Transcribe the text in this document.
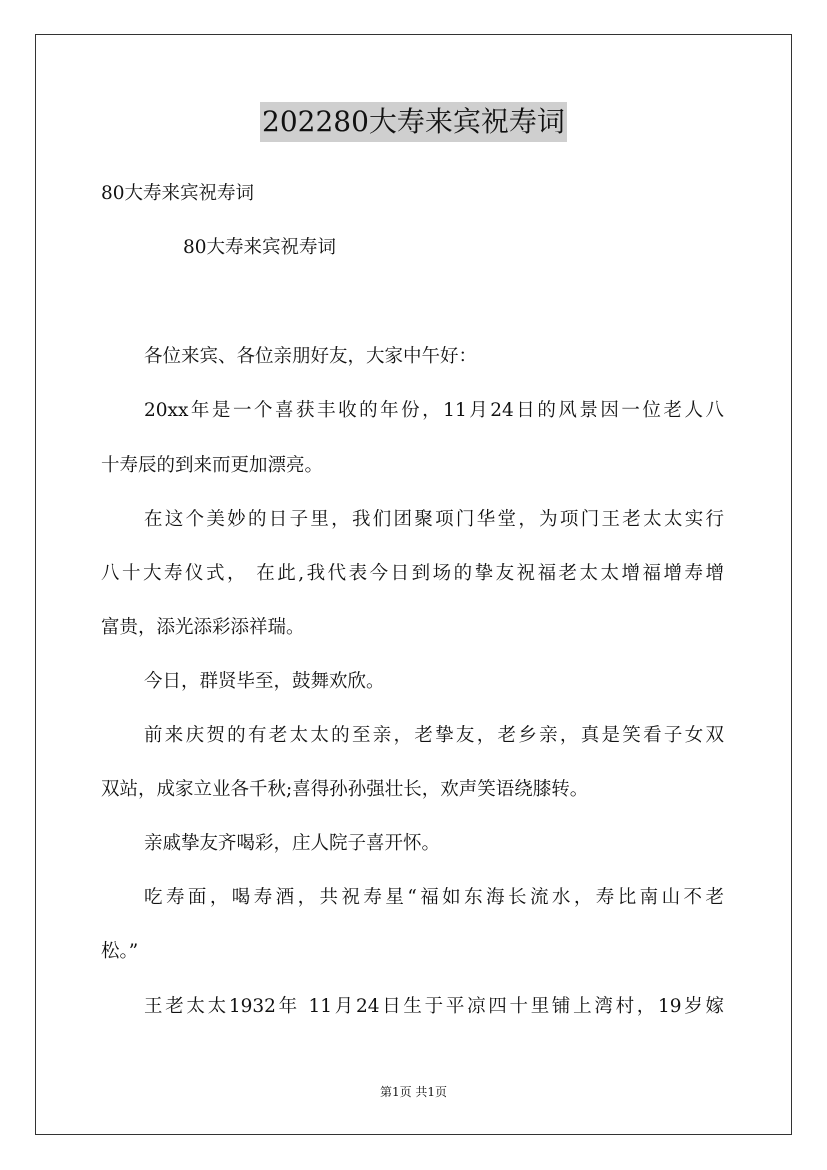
202280大寿来宾祝寿词
80大寿来宾祝寿词
80大寿来宾祝寿词
各位来宾、各位亲朋好友，大家中午好：
20xx年是一个喜获丰收的年份，11月24日的风景因一位老人八
十寿辰的到来而更加漂亮。
在这个美妙的日子里，我们团聚项门华堂，为项门王老太太实行
八十大寿仪式， 在此,我代表今日到场的挚友祝福老太太增福增寿增
富贵，添光添彩添祥瑞。
今日，群贤毕至，鼓舞欢欣。
前来庆贺的有老太太的至亲，老挚友，老乡亲，真是笑看子女双
双站，成家立业各千秋;喜得孙孙强壮长，欢声笑语绕膝转。
亲戚挚友齐喝彩，庄人院子喜开怀。
吃寿面，喝寿酒，共祝寿星“福如东海长流水，寿比南山不老
松。”
王老太太1932年 11月24日生于平凉四十里铺上湾村，19岁嫁
第1页 共1页
